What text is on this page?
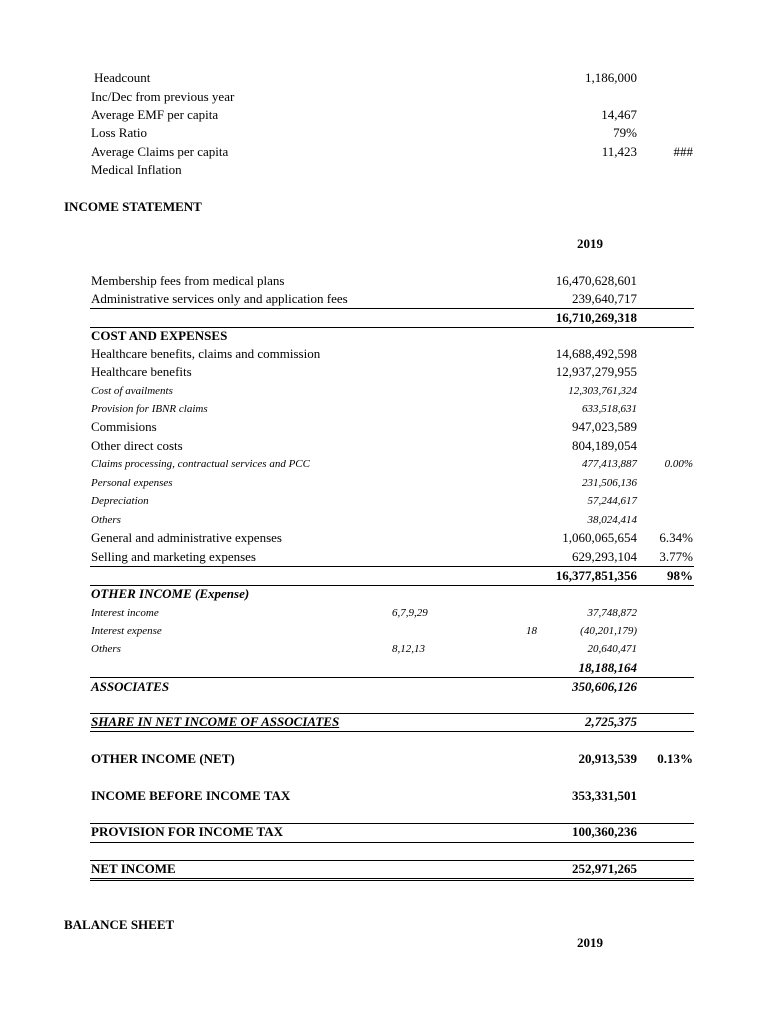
Headcount	1,186,000
Inc/Dec from previous year
Average EMF per capita	14,467
Loss Ratio	79%
Average Claims per capita	11,423	###
Medical Inflation
INCOME STATEMENT
2019
Membership fees from medical plans	16,470,628,601
Administrative services only and application fees	239,640,717
16,710,269,318
COST AND EXPENSES
Healthcare benefits, claims and commission	14,688,492,598
Healthcare benefits	12,937,279,955
Cost of availments	12,303,761,324
Provision for IBNR claims	633,518,631
Commisions	947,023,589
Other direct costs	804,189,054
Claims processing, contractual services and PCC	477,413,887	0.00%
Personal expenses	231,506,136
Depreciation	57,244,617
Others	38,024,414
General and administrative expenses	1,060,065,654 6.34%
Selling and marketing expenses	629,293,104 3.77%
16,377,851,356 98%
OTHER INCOME (Expense)
Interest income	6,7,9,29	37,748,872
Interest expense	18	(40,201,179)
Others	8,12,13	20,640,471
18,188,164
ASSOCIATES	350,606,126
SHARE IN NET INCOME OF ASSOCIATES	2,725,375
OTHER INCOME (NET)	20,913,539 0.13%
INCOME BEFORE INCOME TAX	353,331,501
PROVISION FOR INCOME TAX	100,360,236
NET INCOME	252,971,265
BALANCE SHEET
2019
